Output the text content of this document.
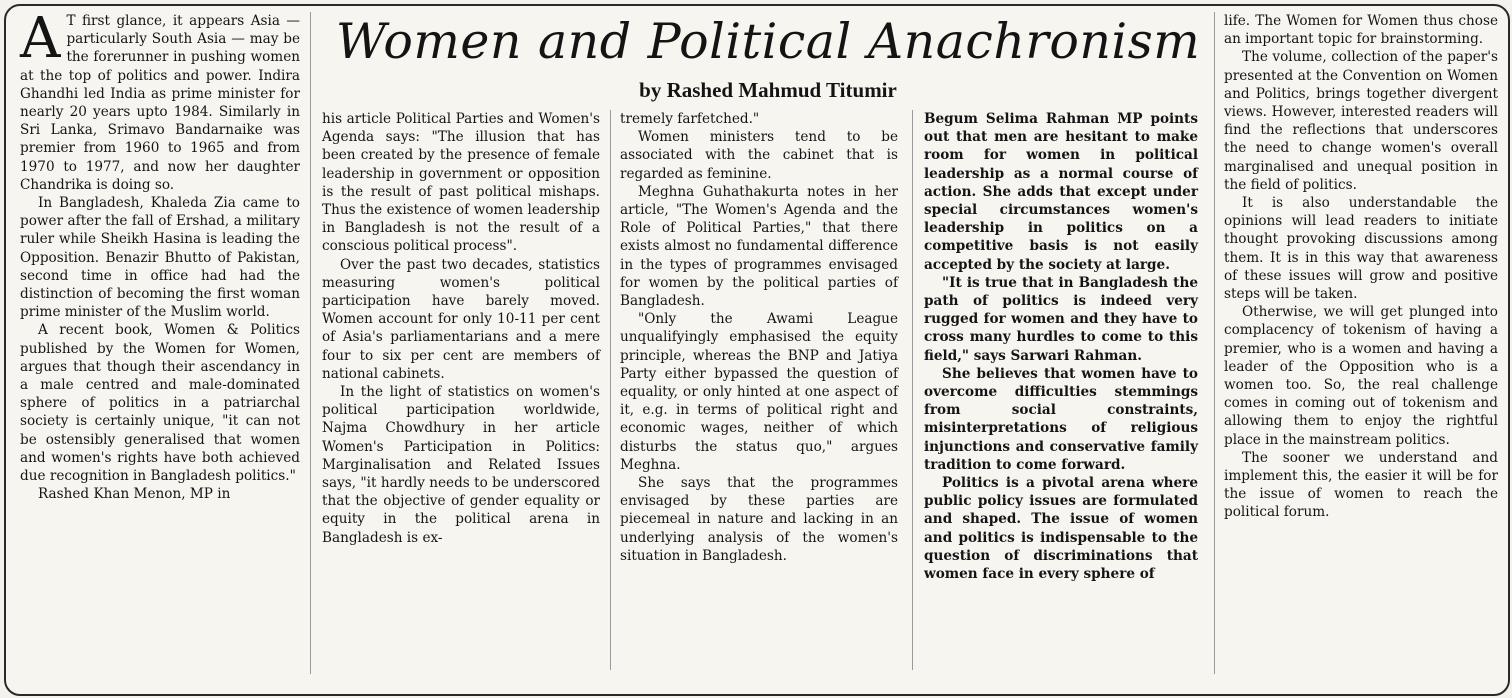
Women and Political Anachronism
by Rashed Mahmud Titumir

A T first glance, it appears Asia — particularly South Asia — may be the forerunner in pushing women at the top of politics and power. Indira Ghandhi led India as prime minister for nearly 20 years upto 1984. Similarly in Sri Lanka, Srimavo Bandarnaike was premier from 1960 to 1965 and from 1970 to 1977, and now her daughter Chandrika is doing so.

In Bangladesh, Khaleda Zia came to power after the fall of Ershad, a military ruler while Sheikh Hasina is leading the Opposition. Benazir Bhutto of Pakistan, second time in office had had the distinction of becoming the first woman prime minister of the Muslim world.

A recent book, Women & Politics published by the Women for Women, argues that though their ascendancy in a male centred and male-dominated sphere of politics in a patriarchal society is certainly unique, "it can not be ostensibly generalised that women and women's rights have both achieved due recognition in Bangladesh politics."

Rashed Khan Menon, MP in

his article Political Parties and Women's Agenda says: "The illusion that has been created by the presence of female leadership in government or opposition is the result of past political mishaps. Thus the existence of women leadership in Bangladesh is not the result of a conscious political process".

Over the past two decades, statistics measuring women's political participation have barely moved. Women account for only 10-11 per cent of Asia's parliamentarians and a mere four to six per cent are members of national cabinets.

In the light of statistics on women's political participation worldwide, Najma Chowdhury in her article Women's Participation in Politics: Marginalisation and Related Issues says, "it hardly needs to be underscored that the objective of gender equality or equity in the political arena in Bangladesh is ex-

tremely farfetched."

Women ministers tend to be associated with the cabinet that is regarded as feminine.

Meghna Guhathakurta notes in her article, "The Women's Agenda and the Role of Political Parties," that there exists almost no fundamental difference in the types of programmes envisaged for women by the political parties of Bangladesh.

"Only the Awami League unqualifyingly emphasised the equity principle, whereas the BNP and Jatiya Party either bypassed the question of equality, or only hinted at one aspect of it, e.g. in terms of political right and economic wages, neither of which disturbs the status quo," argues Meghna.

She says that the programmes envisaged by these parties are piecemeal in nature and lacking in an underlying analysis of the women's situation in Bangladesh.

Begum Selima Rahman MP points out that men are hesitant to make room for women in political leadership as a normal course of action. She adds that except under special circumstances women's leadership in politics on a competitive basis is not easily accepted by the society at large.

"It is true that in Bangladesh the path of politics is indeed very rugged for women and they have to cross many hurdles to come to this field," says Sarwari Rahman.

She believes that women have to overcome difficulties stemmings from social constraints, misinterpretations of religious injunctions and conservative family tradition to come forward.

Politics is a pivotal arena where public policy issues are formulated and shaped. The issue of women and politics is indispensable to the question of discriminations that women face in every sphere of

life. The Women for Women thus chose an important topic for brainstorming.

The volume, collection of the paper's presented at the Convention on Women and Politics, brings together divergent views. However, interested readers will find the reflections that underscores the need to change women's overall marginalised and unequal position in the field of politics.

It is also understandable the opinions will lead readers to initiate thought provoking discussions among them. It is in this way that awareness of these issues will grow and positive steps will be taken.

Otherwise, we will get plunged into complacency of tokenism of having a premier, who is a women and having a leader of the Opposition who is a women too. So, the real challenge comes in coming out of tokenism and allowing them to enjoy the rightful place in the mainstream politics.

The sooner we understand and implement this, the easier it will be for the issue of women to reach the political forum.
